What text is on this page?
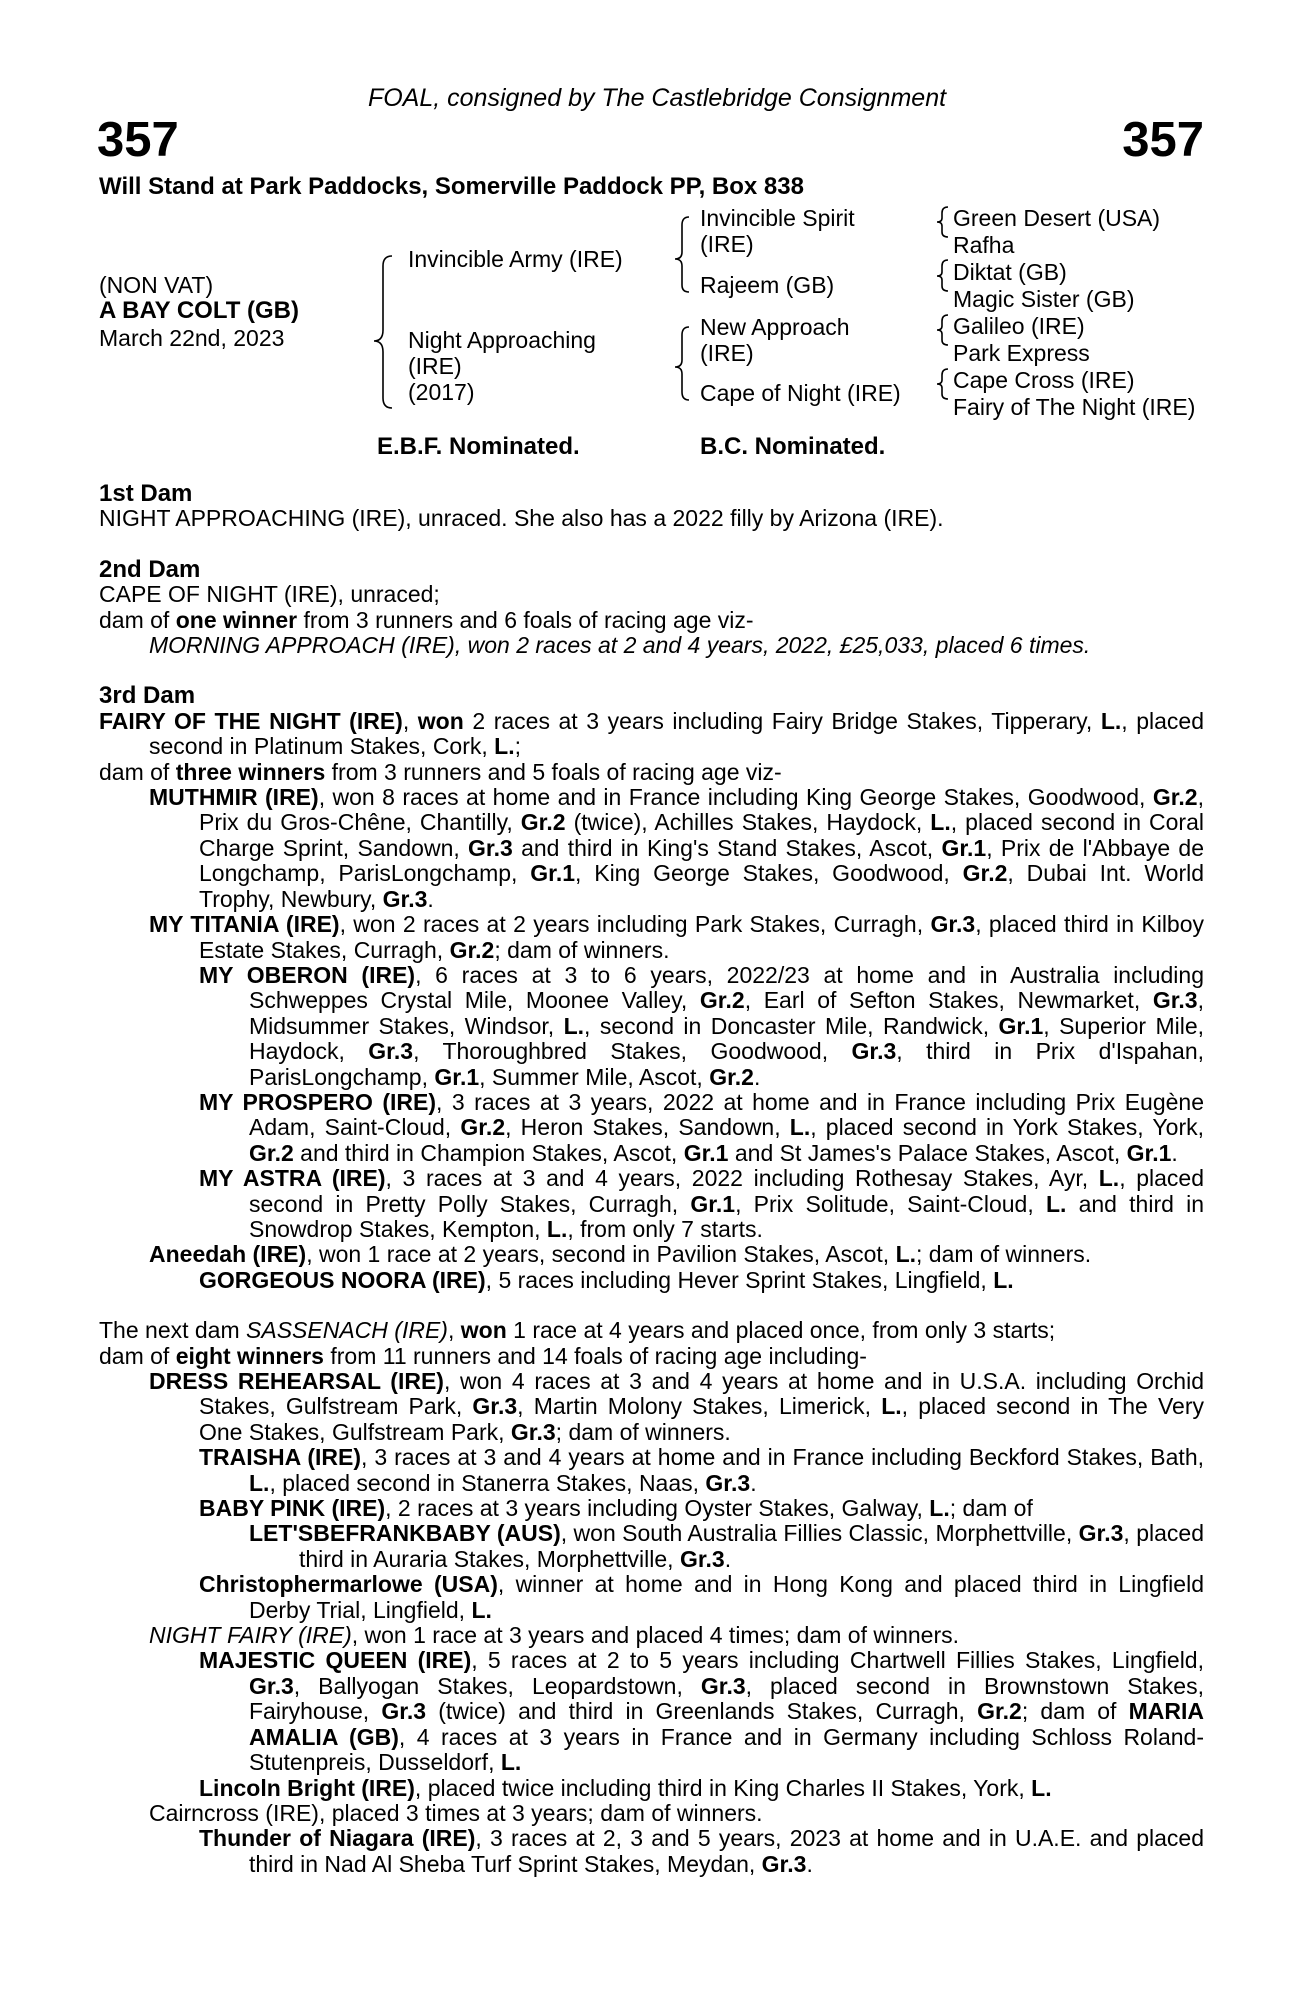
FOAL, consigned by The Castlebridge Consignment
357	357
Will Stand at Park Paddocks, Somerville Paddock PP, Box 838
(NON VAT)
A BAY COLT (GB)
March 22nd, 2023
Invincible Army (IRE)
Night Approaching
(IRE)
(2017)
Invincible Spirit
(IRE)
Rajeem (GB)
New Approach
(IRE)
Cape of Night (IRE)
Green Desert (USA)
Rafha
Diktat (GB)
Magic Sister (GB)
Galileo (IRE)
Park Express
Cape Cross (IRE)
Fairy of The Night (IRE)
E.B.F. Nominated.	B.C. Nominated.

1st Dam

NIGHT APPROACHING (IRE), unraced. She also has a 2022 filly by Arizona (IRE).

2nd Dam

CAPE OF NIGHT (IRE), unraced;

dam of one winner from 3 runners and 6 foals of racing age viz-

MORNING APPROACH (IRE), won 2 races at 2 and 4 years, 2022, £25,033, placed 6 times.

3rd Dam

FAIRY OF THE NIGHT (IRE), won 2 races at 3 years including Fairy Bridge Stakes, Tipperary, L., placed second in Platinum Stakes, Cork, L.;

dam of three winners from 3 runners and 5 foals of racing age viz-

MUTHMIR (IRE), won 8 races at home and in France including King George Stakes, Goodwood, Gr.2, Prix du Gros-Chêne, Chantilly, Gr.2 (twice), Achilles Stakes, Haydock, L., placed second in Coral Charge Sprint, Sandown, Gr.3 and third in King's Stand Stakes, Ascot, Gr.1, Prix de l'Abbaye de Longchamp, ParisLongchamp, Gr.1, King George Stakes, Goodwood, Gr.2, Dubai Int. World Trophy, Newbury, Gr.3.

MY TITANIA (IRE), won 2 races at 2 years including Park Stakes, Curragh, Gr.3, placed third in Kilboy Estate Stakes, Curragh, Gr.2; dam of winners.

MY OBERON (IRE), 6 races at 3 to 6 years, 2022/23 at home and in Australia including Schweppes Crystal Mile, Moonee Valley, Gr.2, Earl of Sefton Stakes, Newmarket, Gr.3, Midsummer Stakes, Windsor, L., second in Doncaster Mile, Randwick, Gr.1, Superior Mile, Haydock, Gr.3, Thoroughbred Stakes, Goodwood, Gr.3, third in Prix d'Ispahan, ParisLongchamp, Gr.1, Summer Mile, Ascot, Gr.2.

MY PROSPERO (IRE), 3 races at 3 years, 2022 at home and in France including Prix Eugène Adam, Saint-Cloud, Gr.2, Heron Stakes, Sandown, L., placed second in York Stakes, York, Gr.2 and third in Champion Stakes, Ascot, Gr.1 and St James's Palace Stakes, Ascot, Gr.1.

MY ASTRA (IRE), 3 races at 3 and 4 years, 2022 including Rothesay Stakes, Ayr, L., placed second in Pretty Polly Stakes, Curragh, Gr.1, Prix Solitude, Saint-Cloud, L. and third in Snowdrop Stakes, Kempton, L., from only 7 starts.

Aneedah (IRE), won 1 race at 2 years, second in Pavilion Stakes, Ascot, L.; dam of winners.

GORGEOUS NOORA (IRE), 5 races including Hever Sprint Stakes, Lingfield, L.

The next dam SASSENACH (IRE), won 1 race at 4 years and placed once, from only 3 starts;

dam of eight winners from 11 runners and 14 foals of racing age including-

DRESS REHEARSAL (IRE), won 4 races at 3 and 4 years at home and in U.S.A. including Orchid Stakes, Gulfstream Park, Gr.3, Martin Molony Stakes, Limerick, L., placed second in The Very One Stakes, Gulfstream Park, Gr.3; dam of winners.

TRAISHA (IRE), 3 races at 3 and 4 years at home and in France including Beckford Stakes, Bath, L., placed second in Stanerra Stakes, Naas, Gr.3.

BABY PINK (IRE), 2 races at 3 years including Oyster Stakes, Galway, L.; dam of

LET'SBEFRANKBABY (AUS), won South Australia Fillies Classic, Morphettville, Gr.3, placed third in Auraria Stakes, Morphettville, Gr.3.

Christophermarlowe (USA), winner at home and in Hong Kong and placed third in Lingfield Derby Trial, Lingfield, L.

NIGHT FAIRY (IRE), won 1 race at 3 years and placed 4 times; dam of winners.

MAJESTIC QUEEN (IRE), 5 races at 2 to 5 years including Chartwell Fillies Stakes, Lingfield, Gr.3, Ballyogan Stakes, Leopardstown, Gr.3, placed second in Brownstown Stakes, Fairyhouse, Gr.3 (twice) and third in Greenlands Stakes, Curragh, Gr.2; dam of MARIA AMALIA (GB), 4 races at 3 years in France and in Germany including Schloss Roland-Stutenpreis, Dusseldorf, L.

Lincoln Bright (IRE), placed twice including third in King Charles II Stakes, York, L.

Cairncross (IRE), placed 3 times at 3 years; dam of winners.

Thunder of Niagara (IRE), 3 races at 2, 3 and 5 years, 2023 at home and in U.A.E. and placed third in Nad Al Sheba Turf Sprint Stakes, Meydan, Gr.3.
